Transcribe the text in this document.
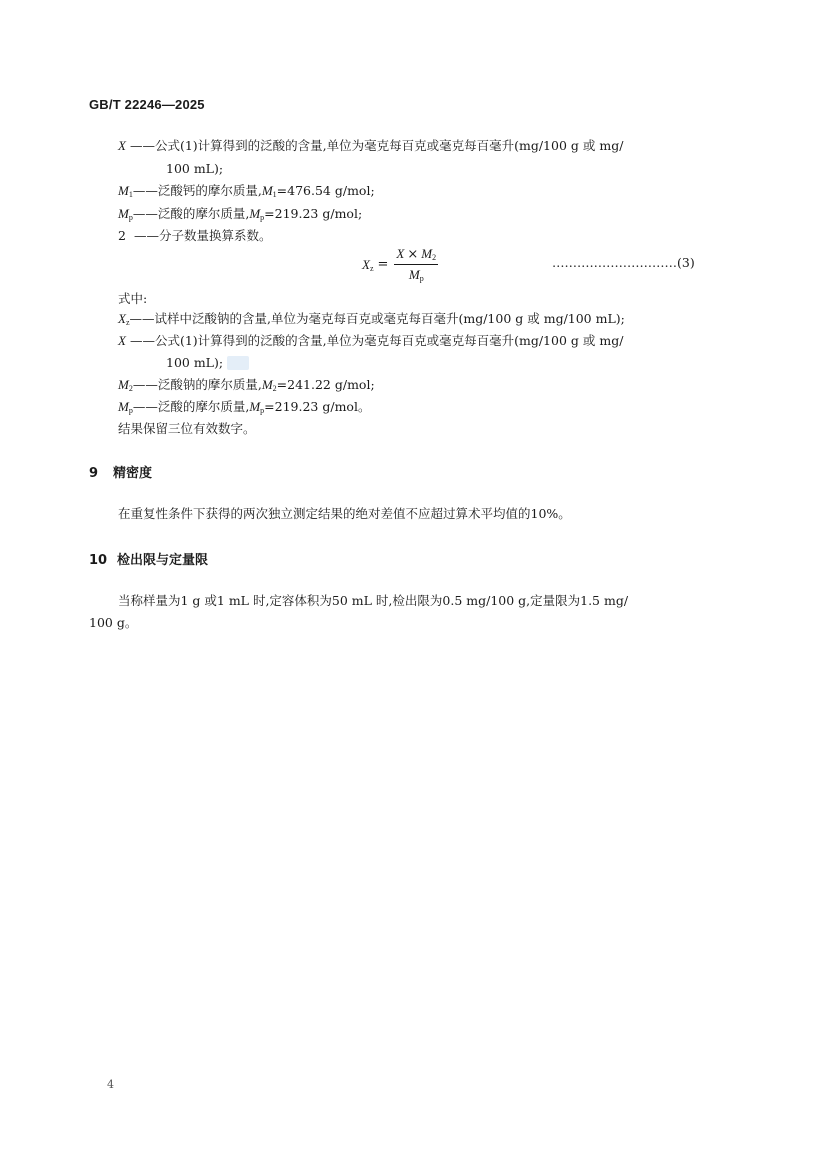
GB/T 22246—2025
X ——公式(1)计算得到的泛酸的含量,单位为毫克每百克或毫克每百毫升(mg/100 g 或 mg/
100 mL);
$M_1——$泛酸钙的摩尔质量$,M_1=476.54$ g/mol;
$M_p——$泛酸的摩尔质量$,M_p=219.23$ g/mol;
2 ——分子数量换算系数。
$X_z = \frac{X \times M_2}{M_p}$	…………………………(3)
式中:
$X_z——$试样中泛酸钠的含量,单位为毫克每百克或毫克每百毫升(mg/100 g 或 mg/100 mL);
X ——公式(1)计算得到的泛酸的含量,单位为毫克每百克或毫克每百毫升(mg/100 g 或 mg/
100 mL);
$M_2——$泛酸钠的摩尔质量$,M_2=241.22$ g/mol;
$M_p——$泛酸的摩尔质量$,M_p=219.23$ g/mol。
结果保留三位有效数字。
9 精密度
在重复性条件下获得的两次独立测定结果的绝对差值不应超过算术平均值的10%。
10 检出限与定量限
当称样量为1 g 或1 mL 时,定容体积为50 mL 时,检出限为0.5 mg/100 g,定量限为1.5 mg/
100 g。
4
